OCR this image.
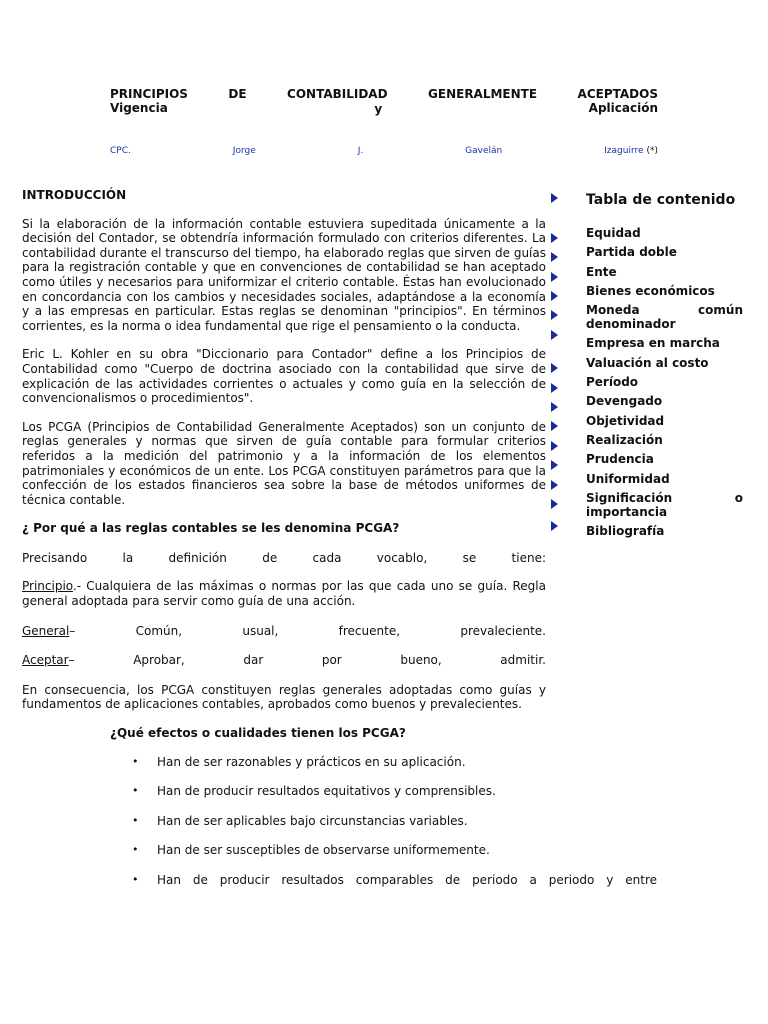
PRINCIPIOS	DE	CONTABILIDAD	GENERALMENTE	ACEPTADOS
Vigencia	y	Aplicación
CPC.	Jorge	J.	Gavelán	Izaguirre (*)

INTRODUCCIÓN

Si la elaboración de la información contable estuviera supeditada únicamente a la decisión del Contador, se obtendría información formulado con criterios diferentes. La contabilidad durante el transcurso del tiempo, ha elaborado reglas que sirven de guías para la registración contable y que en convenciones de contabilidad se han aceptado como útiles y necesarios para uniformizar el criterio contable. Éstas han evolucionado en concordancia con los cambios y necesidades sociales, adaptándose a la economía y a las empresas en particular. Estas reglas se denominan "principios". En términos corrientes, es la norma o idea fundamental que rige el pensamiento o la conducta.

Eric L. Kohler en su obra "Diccionario para Contador" define a los Principios de Contabilidad como "Cuerpo de doctrina asociado con la contabilidad que sirve de explicación de las actividades corrientes o actuales y como guía en la selección de convencionalismos o procedimientos".

Los PCGA (Principios de Contabilidad Generalmente Aceptados) son un conjunto de reglas generales y normas que sirven de guía contable para formular criterios referidos a la medición del patrimonio y a la información de los elementos patrimoniales y económicos de un ente. Los PCGA constituyen parámetros para que la confección de los estados financieros sea sobre la base de métodos uniformes de técnica contable.

¿ Por qué a las reglas contables se les denomina PCGA?

Precisando la definición de cada vocablo, se tiene:

Principio.- Cualquiera de las máximas o normas por las que cada uno se guía. Regla general adoptada para servir como guía de una acción.

General– Común, usual, frecuente, prevaleciente.

Aceptar– Aprobar, dar por bueno, admitir.

En consecuencia, los PCGA constituyen reglas generales adoptadas como guías y fundamentos de aplicaciones contables, aprobados como buenos y prevalecientes.

¿Qué efectos o cualidades tienen los PCGA?

• Han de ser razonables y prácticos en su aplicación.
• Han de producir resultados equitativos y comprensibles.
• Han de ser aplicables bajo circunstancias variables.
• Han de ser susceptibles de observarse uniformemente.
• Han de producir resultados comparables de periodo a periodo y entre
Tabla de contenido
Equidad
Partida doble
Ente
Bienes económicos
Moneda común denominador
Empresa en marcha
Valuación al costo
Período
Devengado
Objetividad
Realización
Prudencia
Uniformidad
Significación o importancia
Bibliografía
